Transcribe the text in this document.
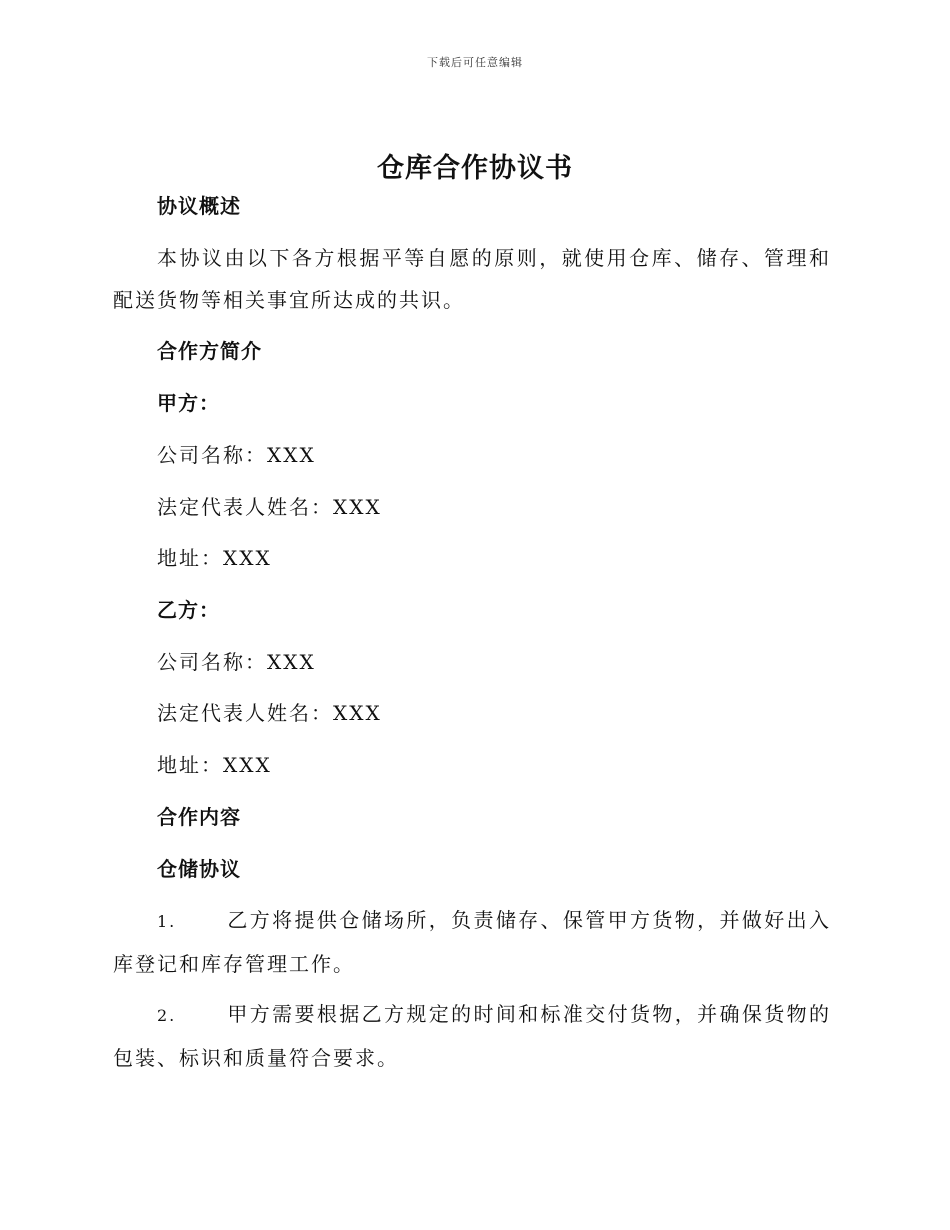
下载后可任意编辑
仓库合作协议书
协议概述
本协议由以下各方根据平等自愿的原则，就使用仓库、储存、管理和配送货物等相关事宜所达成的共识。
合作方简介
甲方：
公司名称：XXX
法定代表人姓名：XXX
地址：XXX
乙方：
公司名称：XXX
法定代表人姓名：XXX
地址：XXX
合作内容
仓储协议
1.	乙方将提供仓储场所，负责储存、保管甲方货物，并做好出入库登记和库存管理工作。
2.	甲方需要根据乙方规定的时间和标准交付货物，并确保货物的包装、标识和质量符合要求。
